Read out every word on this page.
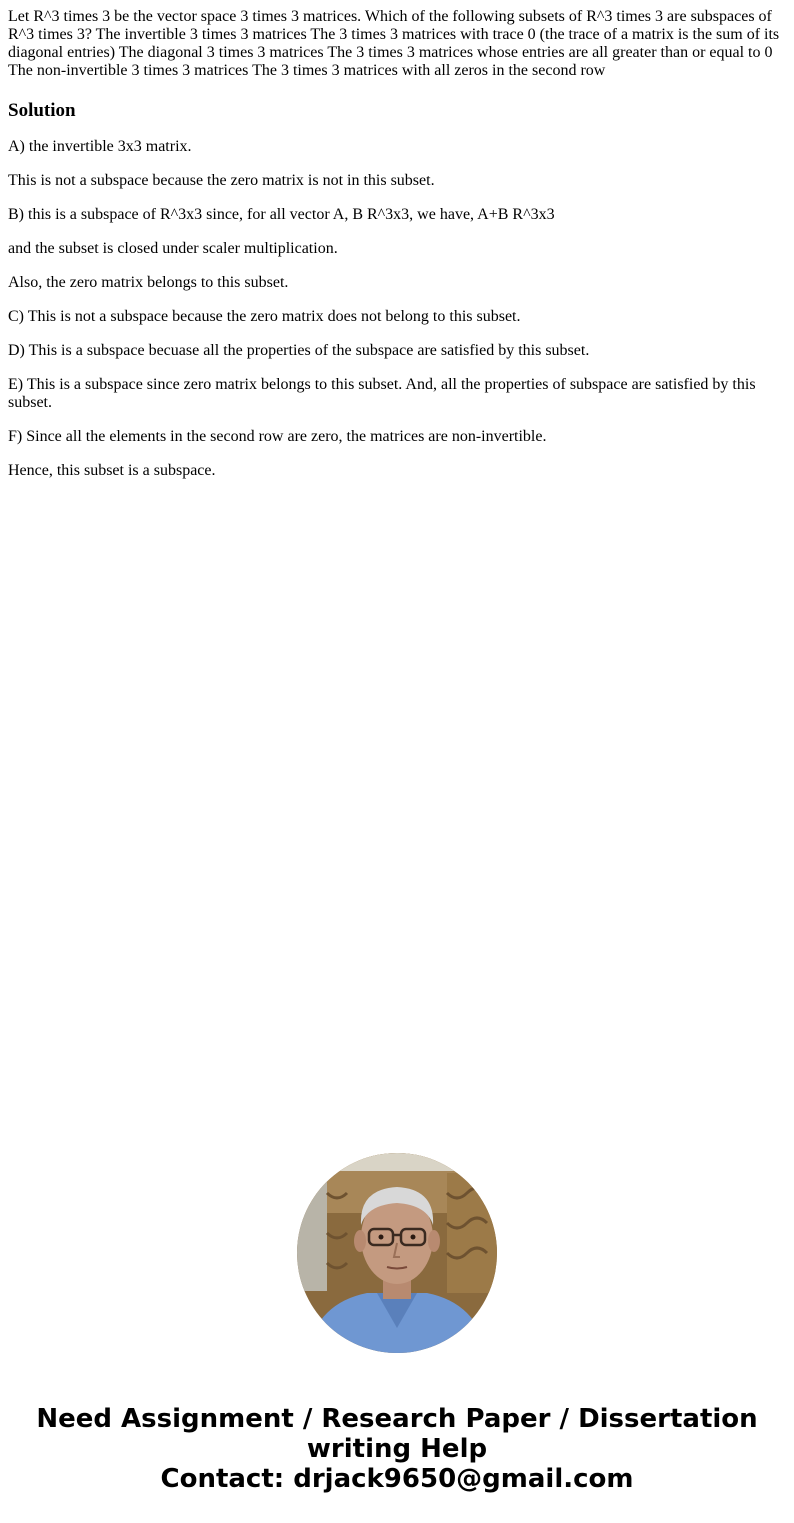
Let R^3 times 3 be the vector space 3 times 3 matrices. Which of the following subsets of R^3 times 3 are subspaces of R^3 times 3? The invertible 3 times 3 matrices The 3 times 3 matrices with trace 0 (the trace of a matrix is the sum of its diagonal entries) The diagonal 3 times 3 matrices The 3 times 3 matrices whose entries are all greater than or equal to 0 The non-invertible 3 times 3 matrices The 3 times 3 matrices with all zeros in the second row

Solution

A) the invertible 3x3 matrix.

This is not a subspace because the zero matrix is not in this subset.

B) this is a subspace of R^3x3 since, for all vector A, B R^3x3, we have, A+B R^3x3

and the subset is closed under scaler multiplication.

Also, the zero matrix belongs to this subset.

C) This is not a subspace because the zero matrix does not belong to this subset.

D) This is a subspace becuase all the properties of the subspace are satisfied by this subset.

E) This is a subspace since zero matrix belongs to this subset. And, all the properties of subspace are satisfied by this subset.

F) Since all the elements in the second row are zero, the matrices are non-invertible.

Hence, this subset is a subspace.

Need Assignment / Research Paper / Dissertation
writing Help
Contact: drjack9650@gmail.com
